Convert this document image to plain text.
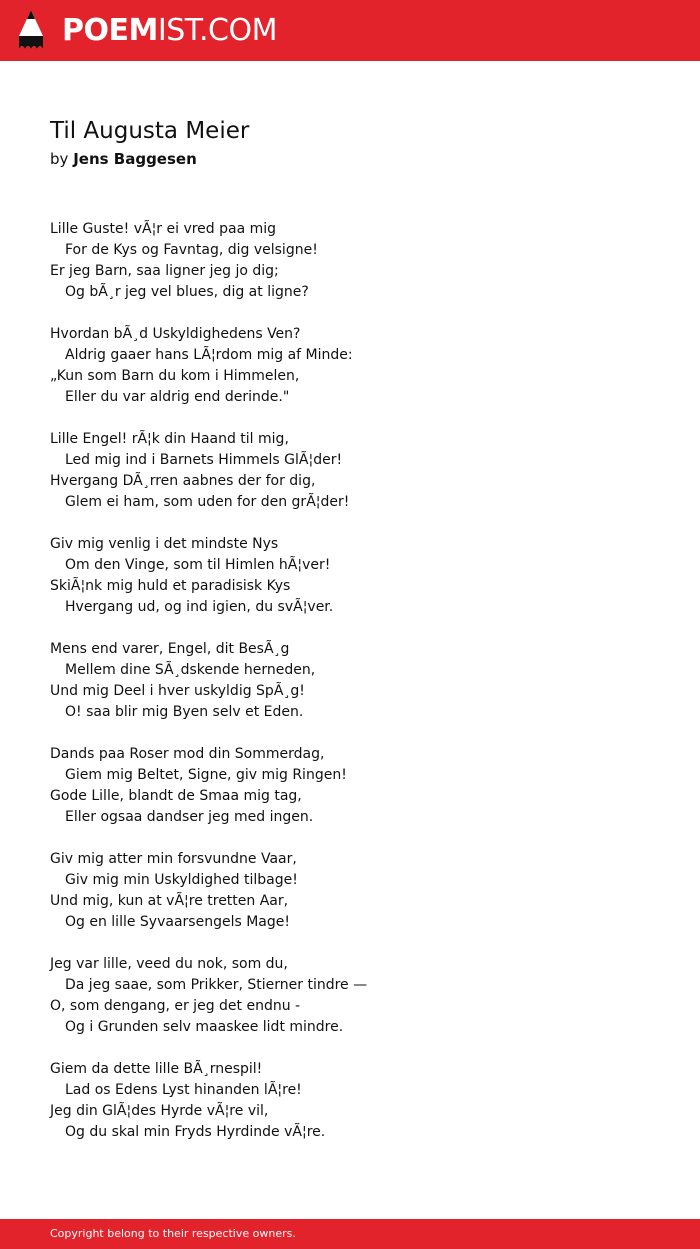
POEMIST.COM
Til Augusta Meier
by Jens Baggesen
Lille Guste! vÃ¦r ei vred paa mig
For de Kys og Favntag, dig velsigne!
Er jeg Barn, saa ligner jeg jo dig;
Og bÃ¸r jeg vel blues, dig at ligne?
Hvordan bÃ¸d Uskyldighedens Ven?
Aldrig gaaer hans LÃ¦rdom mig af Minde:
„Kun som Barn du kom i Himmelen,
Eller du var aldrig end derinde."
Lille Engel! rÃ¦k din Haand til mig,
Led mig ind i Barnets Himmels GlÃ¦der!
Hvergang DÃ¸rren aabnes der for dig,
Glem ei ham, som uden for den grÃ¦der!
Giv mig venlig i det mindste Nys
Om den Vinge, som til Himlen hÃ¦ver!
SkiÃ¦nk mig huld et paradisisk Kys
Hvergang ud, og ind igien, du svÃ¦ver.
Mens end varer, Engel, dit BesÃ¸g
Mellem dine SÃ¸dskende herneden,
Und mig Deel i hver uskyldig SpÃ¸g!
O! saa blir mig Byen selv et Eden.
Dands paa Roser mod din Sommerdag,
Giem mig Beltet, Signe, giv mig Ringen!
Gode Lille, blandt de Smaa mig tag,
Eller ogsaa dandser jeg med ingen.
Giv mig atter min forsvundne Vaar,
Giv mig min Uskyldighed tilbage!
Und mig, kun at vÃ¦re tretten Aar,
Og en lille Syvaarsengels Mage!
Jeg var lille, veed du nok, som du,
Da jeg saae, som Prikker, Stierner tindre —
O, som dengang, er jeg det endnu -
Og i Grunden selv maaskee lidt mindre.
Giem da dette lille BÃ¸rnespil!
Lad os Edens Lyst hinanden lÃ¦re!
Jeg din GlÃ¦des Hyrde vÃ¦re vil,
Og du skal min Fryds Hyrdinde vÃ¦re.
Copyright belong to their respective owners.
